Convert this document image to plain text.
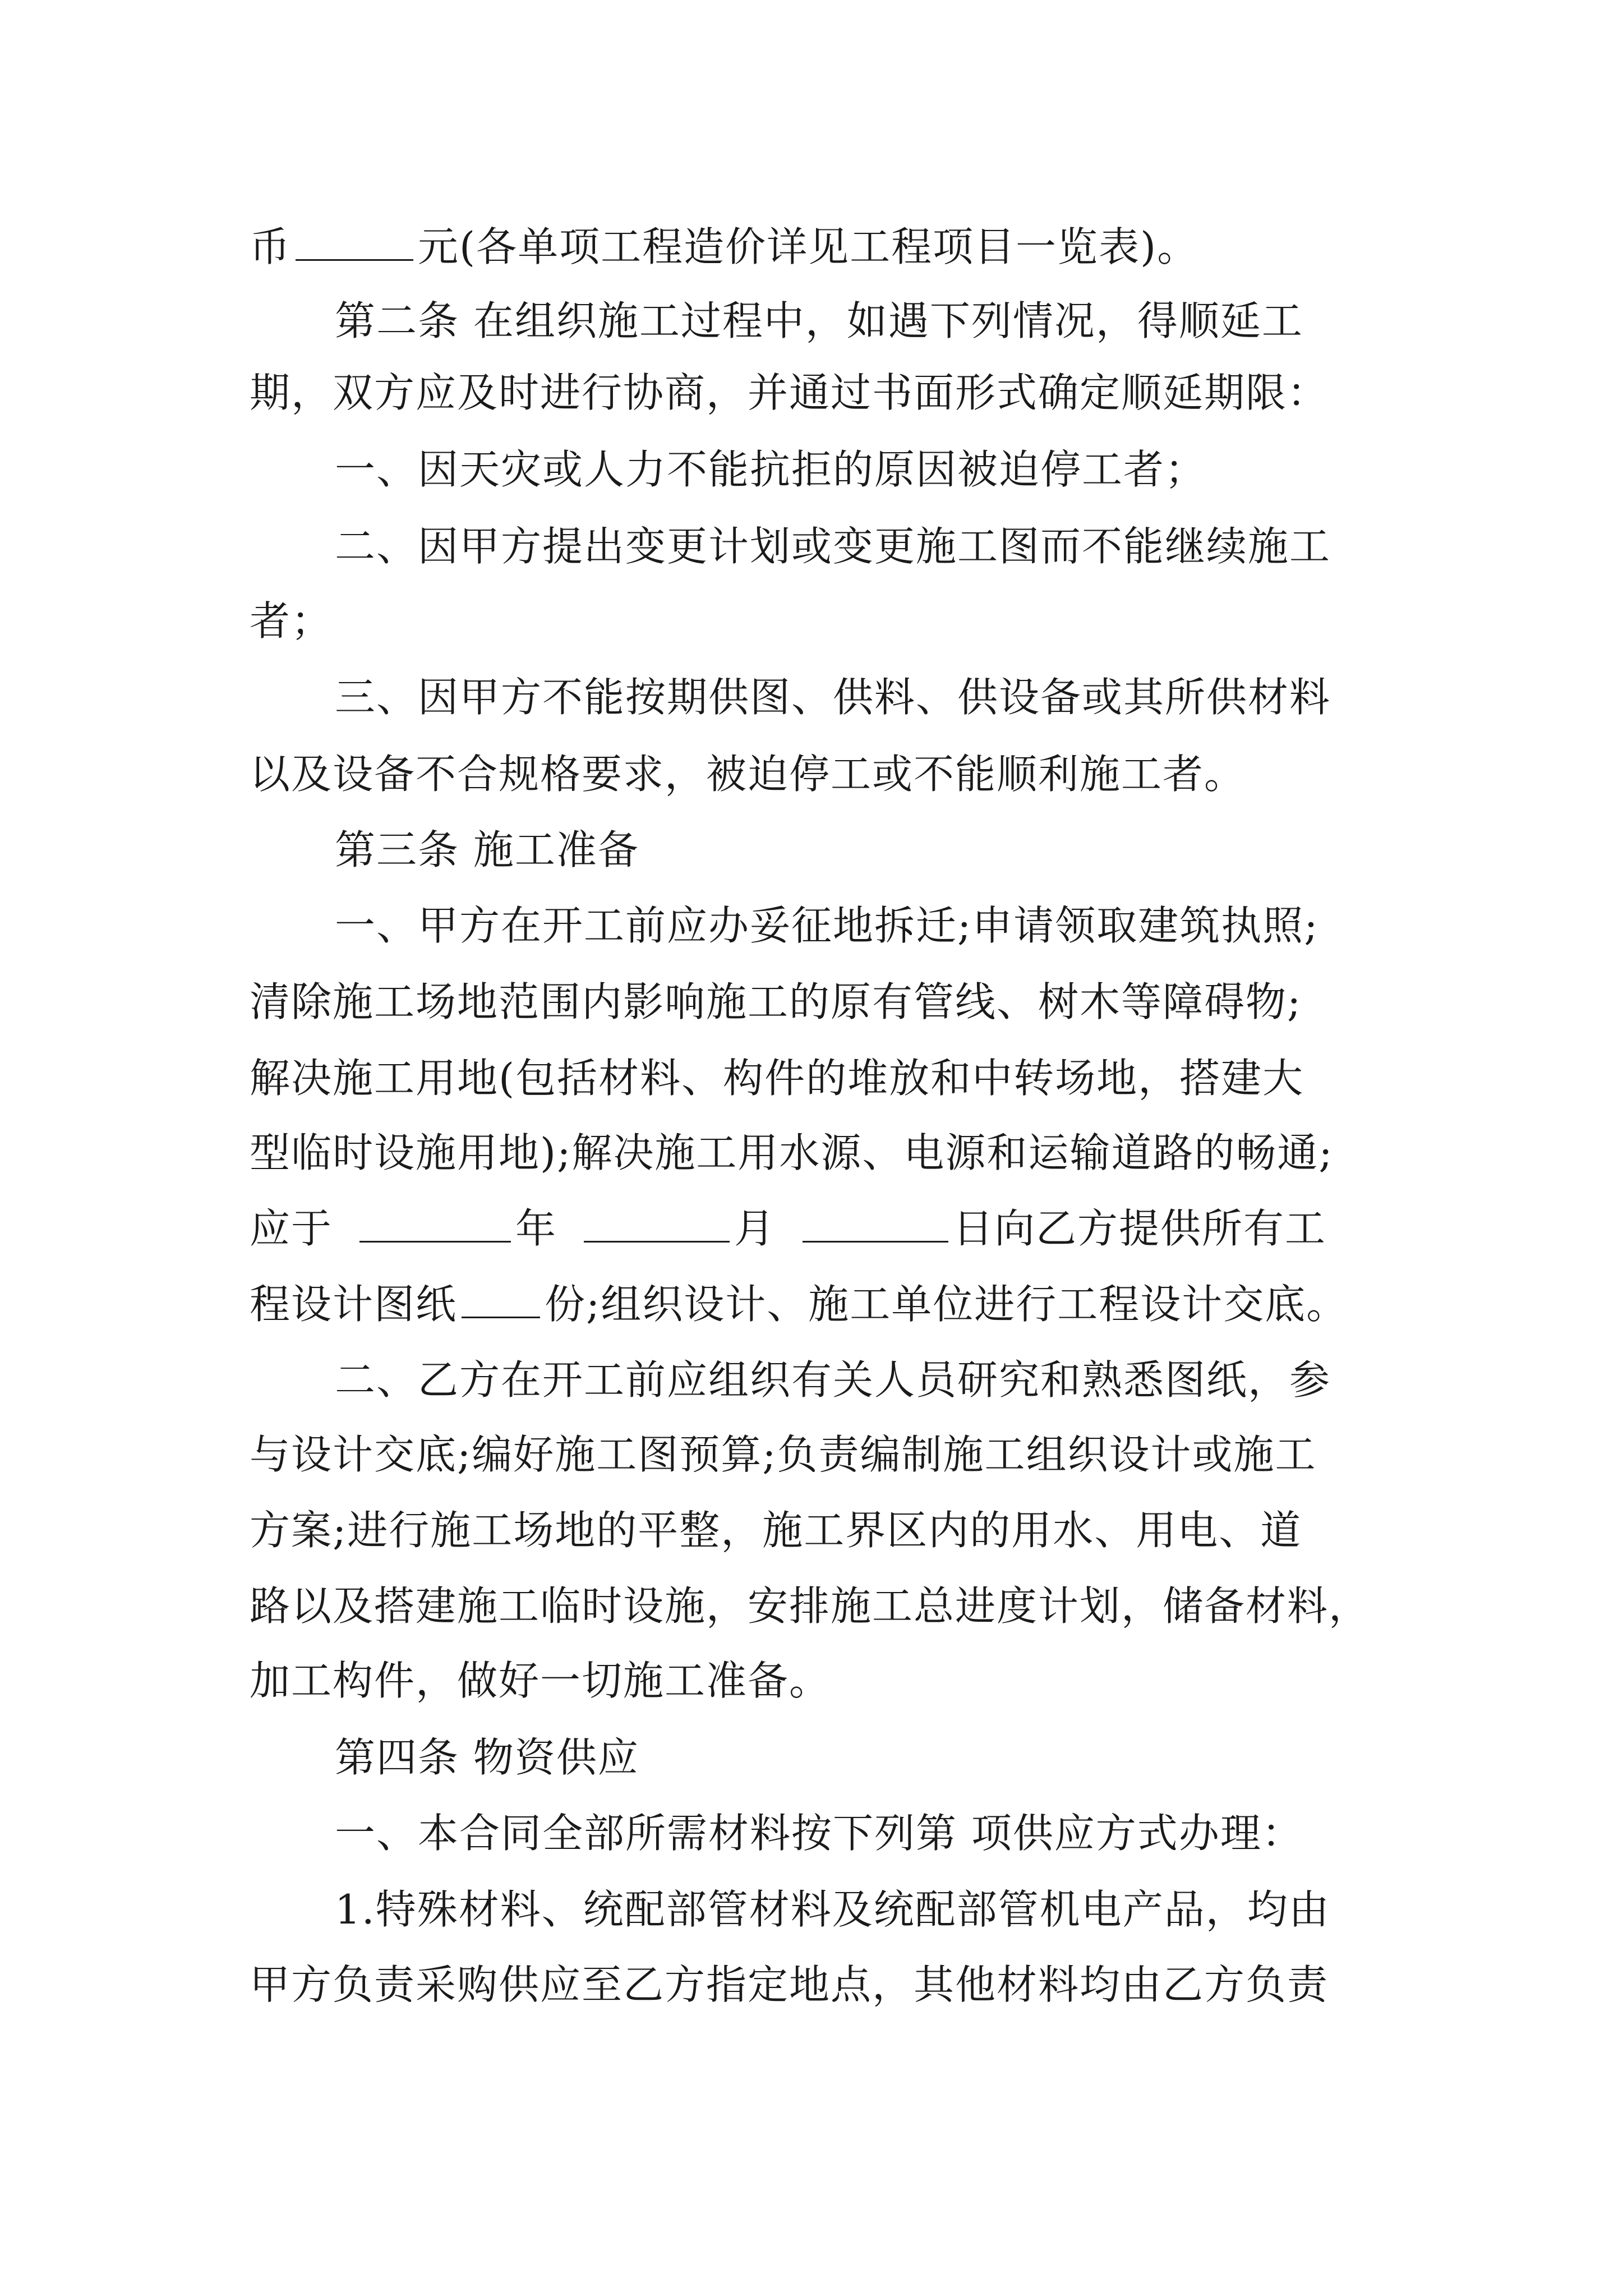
币	元(各单项工程造价详见工程项目一览表)。
第二条 在组织施工过程中，如遇下列情况，得顺延工
期，双方应及时进行协商，并通过书面形式确定顺延期限：
一、因天灾或人力不能抗拒的原因被迫停工者；
二、因甲方提出变更计划或变更施工图而不能继续施工
者；
三、因甲方不能按期供图、供料、供设备或其所供材料
以及设备不合规格要求，被迫停工或不能顺利施工者。
第三条 施工准备
一、甲方在开工前应办妥征地拆迁;申请领取建筑执照;
清除施工场地范围内影响施工的原有管线、树木等障碍物;
解决施工用地(包括材料、构件的堆放和中转场地，搭建大
型临时设施用地);解决施工用水源、电源和运输道路的畅通;
应于	年	月	日向乙方提供所有工
程设计图纸 份;组织设计、施工单位进行工程设计交底。
二、乙方在开工前应组织有关人员研究和熟悉图纸，参
与设计交底;编好施工图预算;负责编制施工组织设计或施工
方案;进行施工场地的平整，施工界区内的用水、用电、道
路以及搭建施工临时设施，安排施工总进度计划，储备材料，
加工构件，做好一切施工准备。
第四条 物资供应
一、本合同全部所需材料按下列第 项供应方式办理：
1.特殊材料、统配部管材料及统配部管机电产品，均由
甲方负责采购供应至乙方指定地点，其他材料均由乙方负责
